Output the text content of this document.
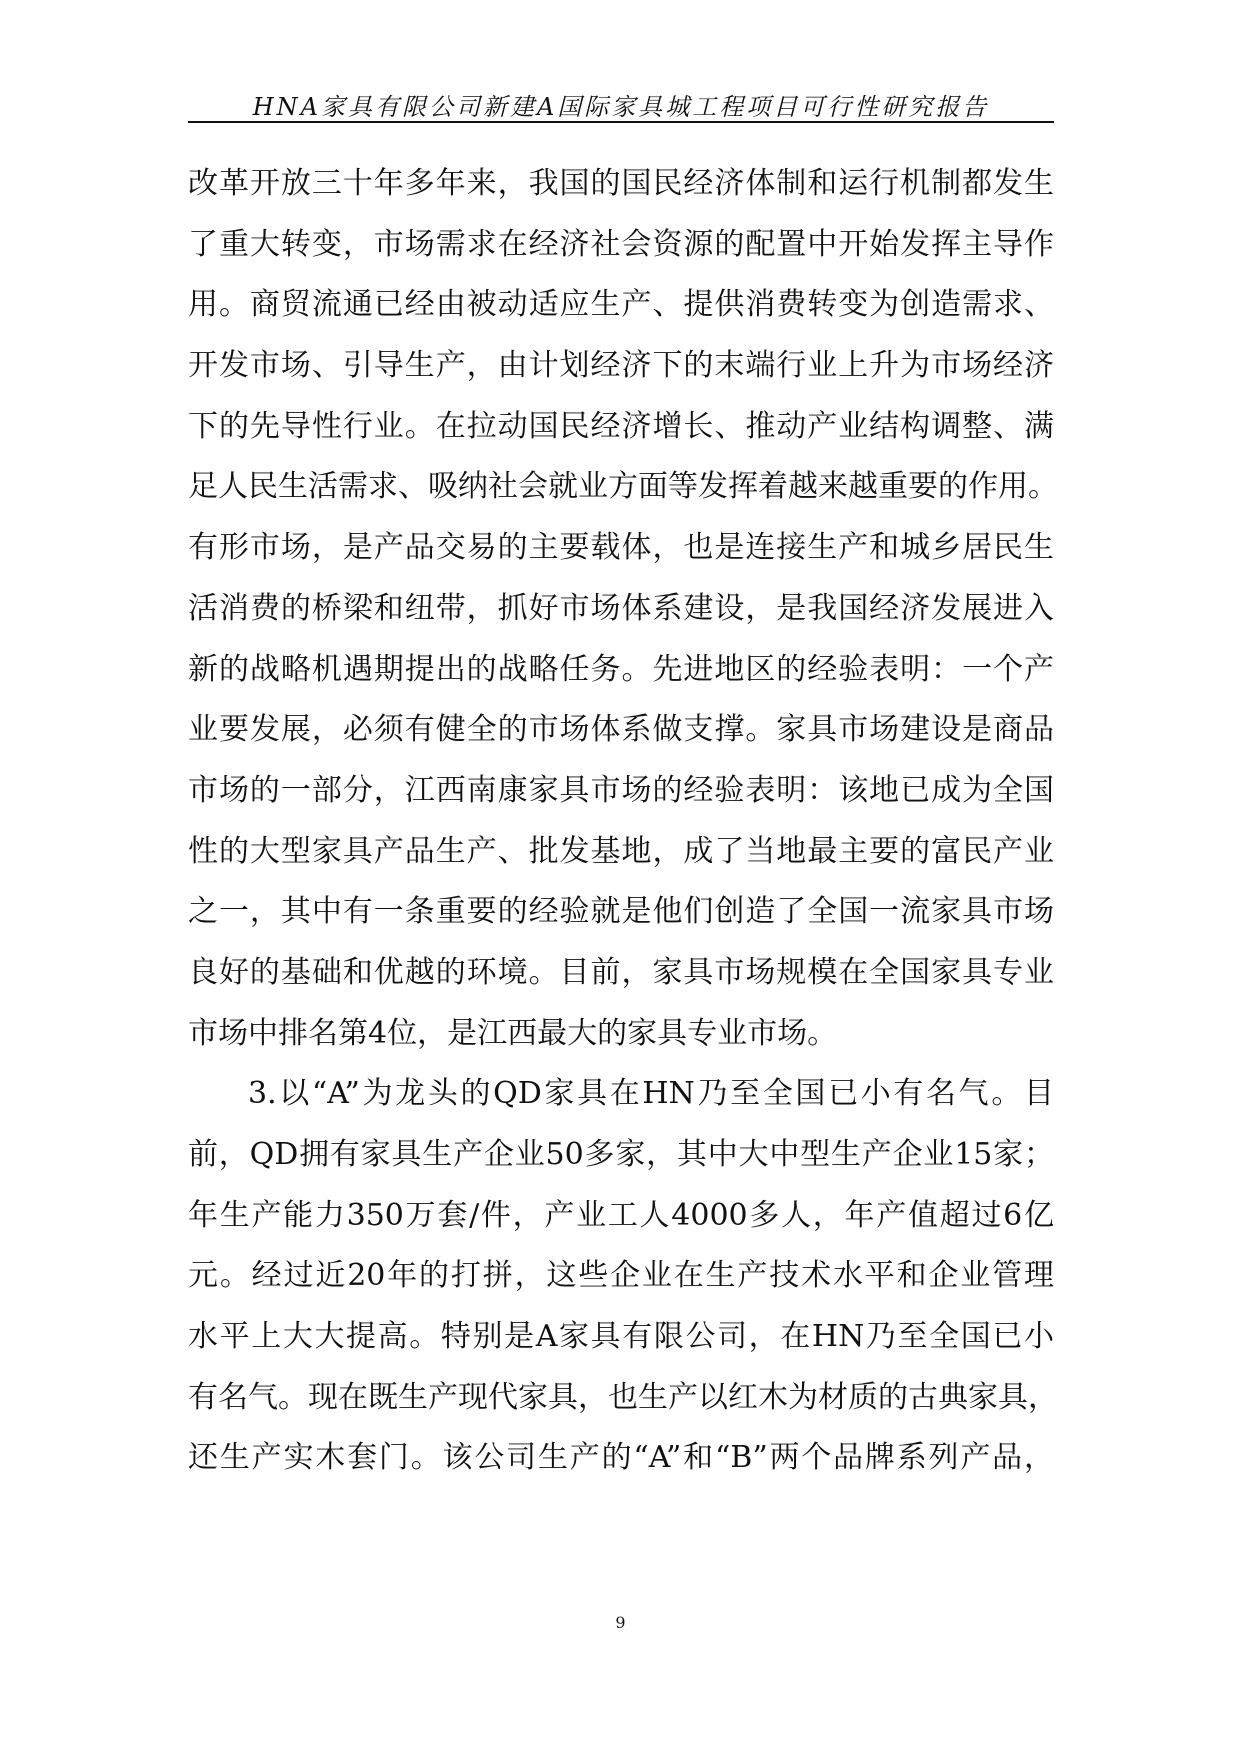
HNA家具有限公司新建A国际家具城工程项目可行性研究报告
改革开放三十年多年来，我国的国民经济体制和运行机制都发生
了重大转变，市场需求在经济社会资源的配置中开始发挥主导作
用。商贸流通已经由被动适应生产、提供消费转变为创造需求、
开发市场、引导生产，由计划经济下的末端行业上升为市场经济
下的先导性行业。在拉动国民经济增长、推动产业结构调整、满
足人民生活需求、吸纳社会就业方面等发挥着越来越重要的作用。
有形市场，是产品交易的主要载体，也是连接生产和城乡居民生
活消费的桥梁和纽带，抓好市场体系建设，是我国经济发展进入
新的战略机遇期提出的战略任务。先进地区的经验表明：一个产
业要发展，必须有健全的市场体系做支撑。家具市场建设是商品
市场的一部分，江西南康家具市场的经验表明：该地已成为全国
性的大型家具产品生产、批发基地，成了当地最主要的富民产业
之一，其中有一条重要的经验就是他们创造了全国一流家具市场
良好的基础和优越的环境。目前，家具市场规模在全国家具专业
市场中排名第4位，是江西最大的家具专业市场。
3.以“A”为龙头的QD家具在HN乃至全国已小有名气。目
前，QD拥有家具生产企业50多家，其中大中型生产企业15家；
年生产能力350万套/件，产业工人4000多人，年产值超过6亿
元。经过近20年的打拼，这些企业在生产技术水平和企业管理
水平上大大提高。特别是A家具有限公司，在HN乃至全国已小
有名气。现在既生产现代家具，也生产以红木为材质的古典家具，
还生产实木套门。该公司生产的“A”和“B”两个品牌系列产品，
9
